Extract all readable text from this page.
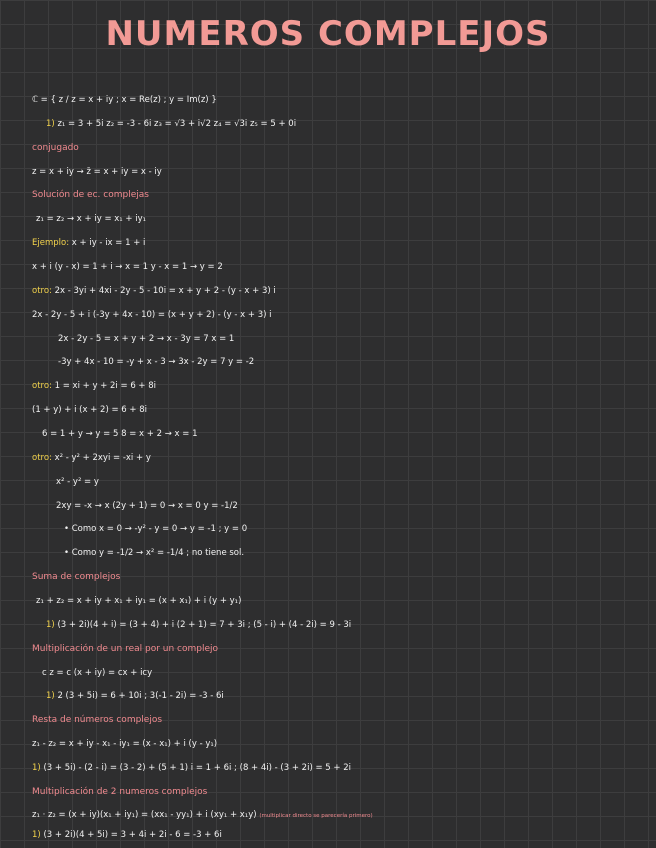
NUMEROS COMPLEJOS
ℂ = { z / z = x + iy ; x = Re(z) ; y = Im(z) }
1) z₁ = 3 + 5i z₂ = -3 - 6i z₃ = √3 + i√2 z₄ = √3i z₅ = 5 + 0i
conjugado
z = x + iy → z̄ = x + iy = x - iy
Solución de ec. complejas
z₁ = z₂ → x + iy = x₁ + iy₁
Ejemplo: x + iy - ix = 1 + i
x + i (y - x) = 1 + i → x = 1 y - x = 1 → y = 2
otro: 2x - 3yi + 4xi - 2y - 5 - 10i = x + y + 2 - (y - x + 3) i
2x - 2y - 5 + i (-3y + 4x - 10) = (x + y + 2) - (y - x + 3) i
2x - 2y - 5 = x + y + 2 → x - 3y = 7 x = 1
-3y + 4x - 10 = -y + x - 3 → 3x - 2y = 7 y = -2
otro: 1 = xi + y + 2i = 6 + 8i
(1 + y) + i (x + 2) = 6 + 8i
6 = 1 + y → y = 5 8 = x + 2 → x = 1
otro: x² - y² + 2xyi = -xi + y
x² - y² = y
2xy = -x → x (2y + 1) = 0 → x = 0 y = -1/2
• Como x = 0 → -y² - y = 0 → y = -1 ; y = 0
• Como y = -1/2 → x² = -1/4 ; no tiene sol.
Suma de complejos
z₁ + z₂ = x + iy + x₁ + iy₁ = (x + x₁) + i (y + y₁)
1) (3 + 2i)(4 + i) = (3 + 4) + i (2 + 1) = 7 + 3i ; (5 - i) + (4 - 2i) = 9 - 3i
Multiplicación de un real por un complejo
c z = c (x + iy) = cx + icy
1) 2 (3 + 5i) = 6 + 10i ; 3(-1 - 2i) = -3 - 6i
Resta de números complejos
z₁ - z₂ = x + iy - x₁ - iy₁ = (x - x₁) + i (y - y₁)
1) (3 + 5i) - (2 - i) = (3 - 2) + (5 + 1) i = 1 + 6i ; (8 + 4i) - (3 + 2i) = 5 + 2i
Multiplicación de 2 numeros complejos
z₁ · z₂ = (x + iy)(x₁ + iy₁) = (xx₁ - yy₁) + i (xy₁ + x₁y) (multiplicar directo se parecería primero)
1) (3 + 2i)(4 + 5i) = 3 + 4i + 2i - 6 = -3 + 6i
